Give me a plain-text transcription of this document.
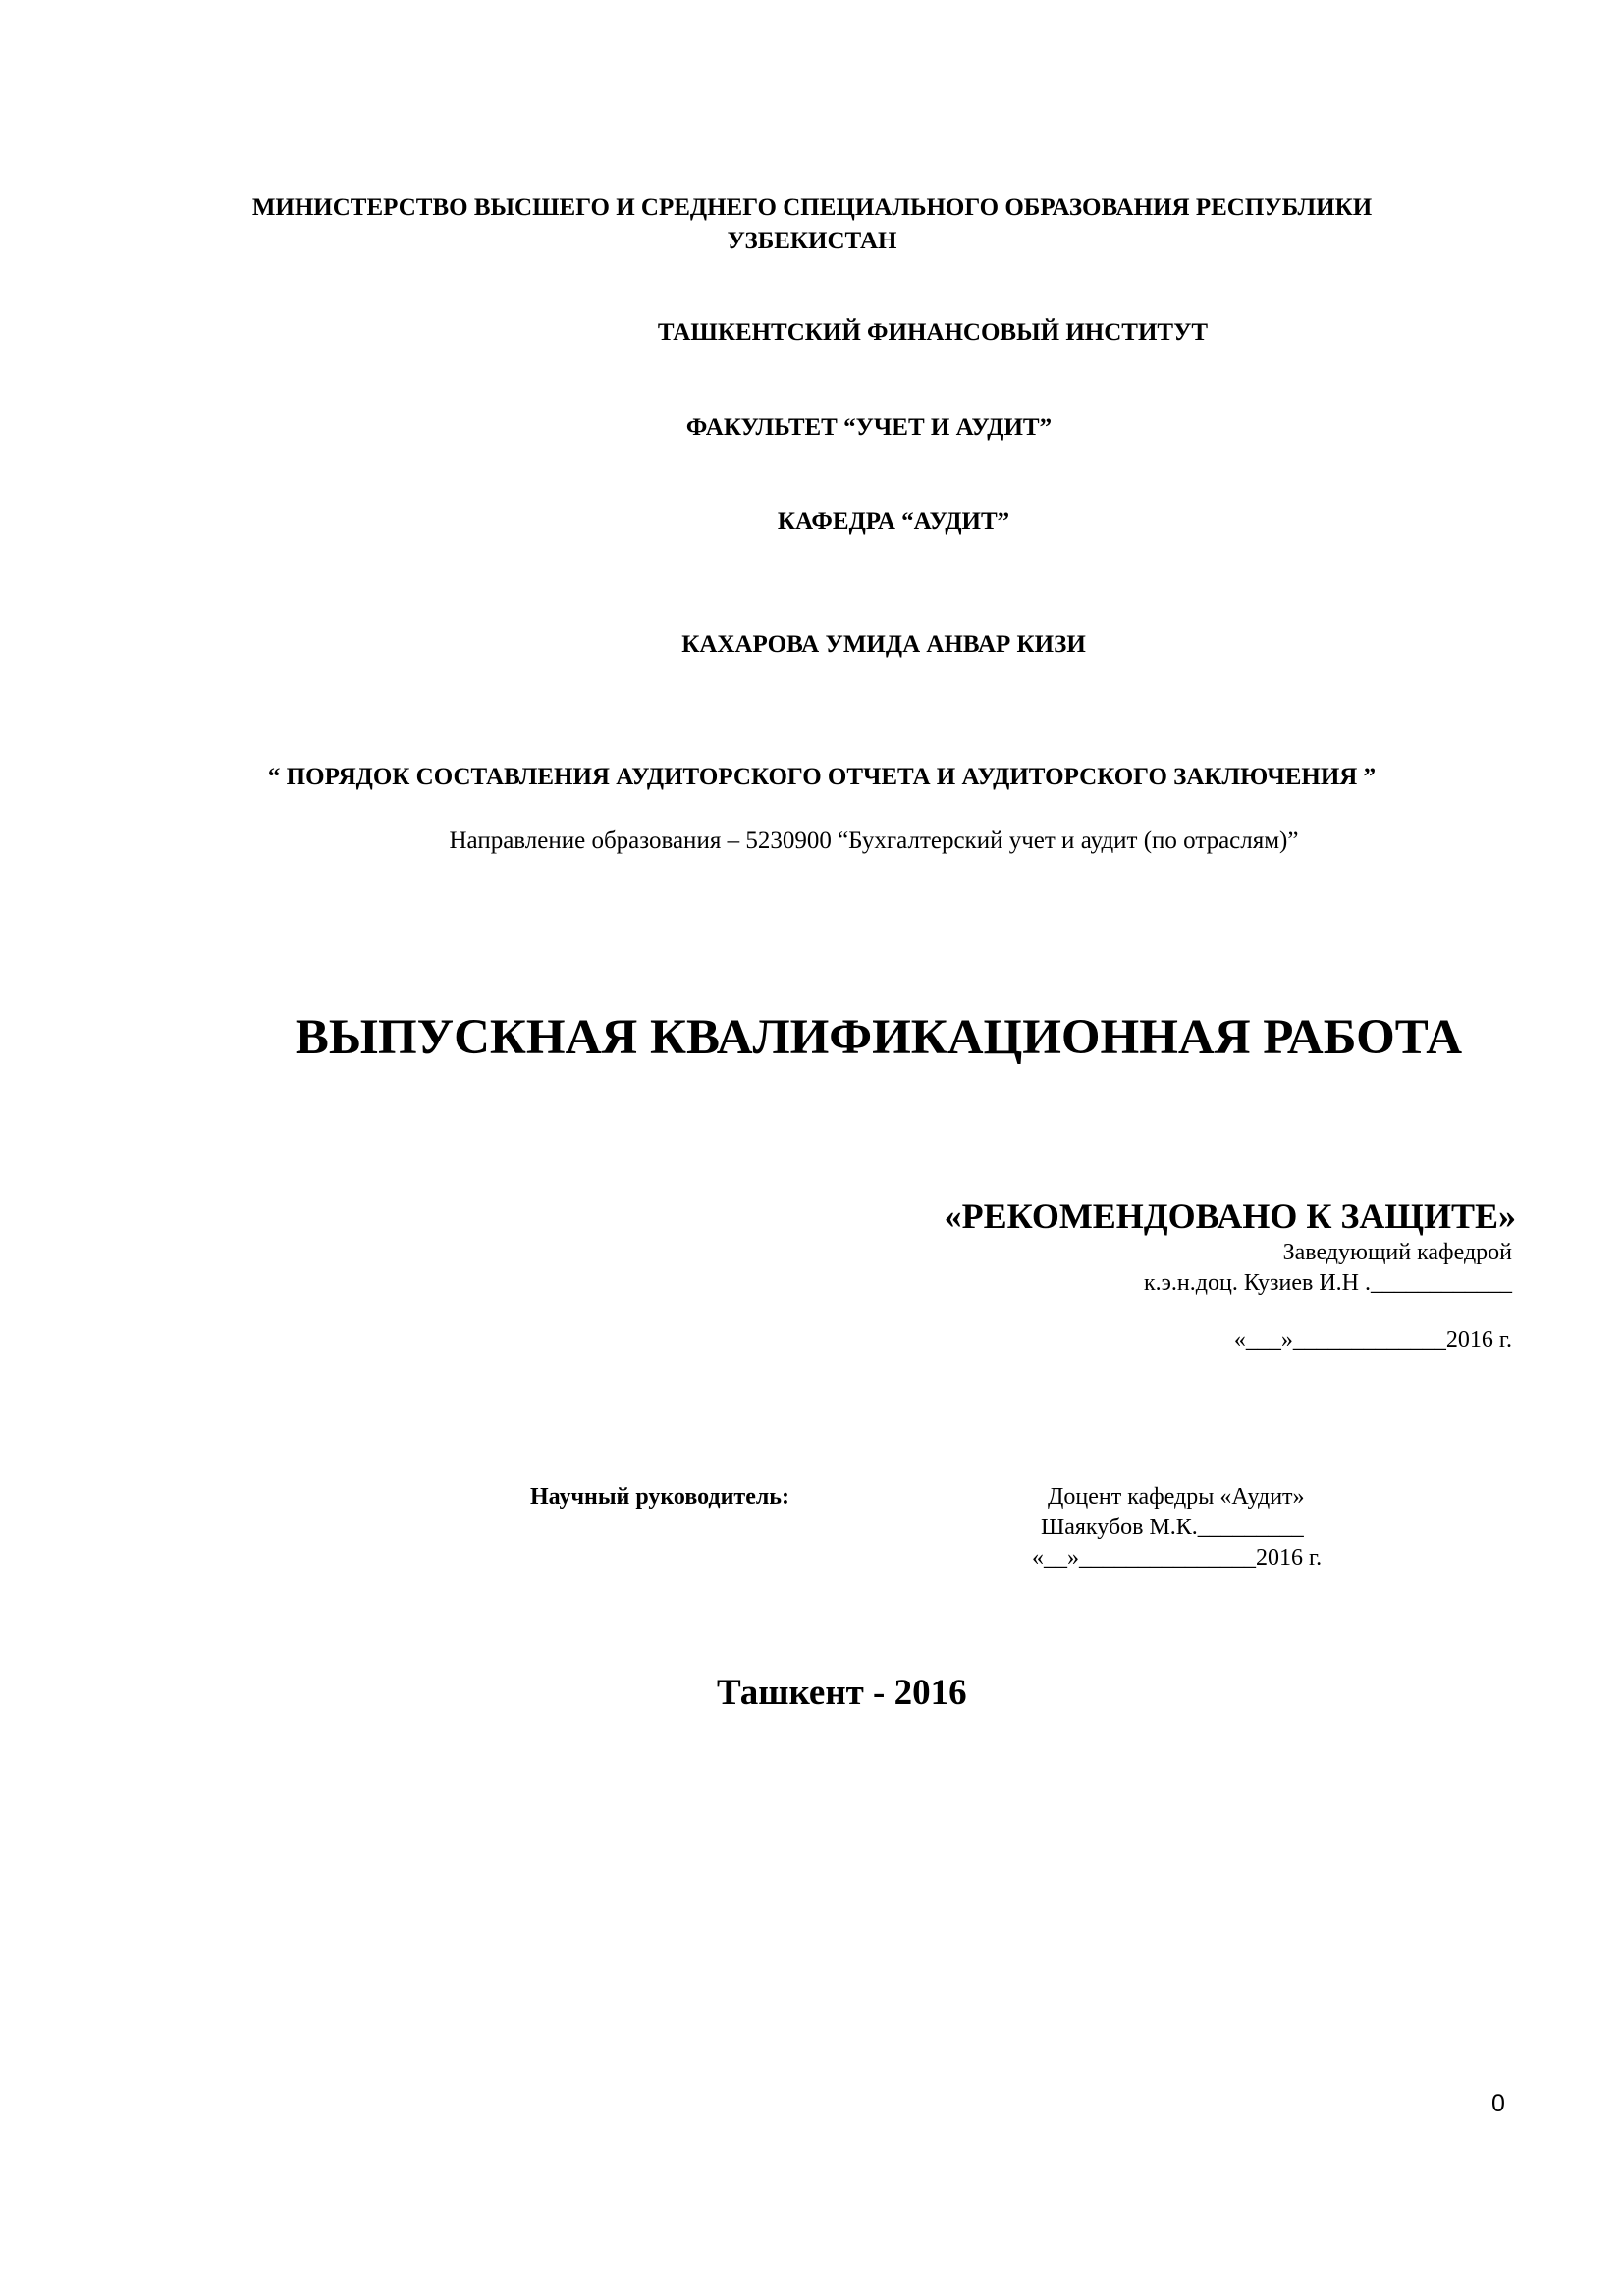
МИНИСТЕРСТВО ВЫСШЕГО И СРЕДНЕГО СПЕЦИАЛЬНОГО ОБРАЗОВАНИЯ РЕСПУБЛИКИ
УЗБЕКИСТАН
ТАШКЕНТСКИЙ ФИНАНСОВЫЙ ИНСТИТУТ
ФАКУЛЬТЕТ “УЧЕТ И АУДИТ”
КАФЕДРА “АУДИТ”
КАХАРОВА УМИДА АНВАР КИЗИ
“ ПОРЯДОК СОСТАВЛЕНИЯ АУДИТОРСКОГО ОТЧЕТА И АУДИТОРСКОГО ЗАКЛЮЧЕНИЯ ”
Направление образования – 5230900 “Бухгалтерский учет и аудит (по отраслям)”
ВЫПУСКНАЯ КВАЛИФИКАЦИОННАЯ РАБОТА
«РЕКОМЕНДОВАНО К ЗАЩИТЕ»
Заведующий кафедрой
к.э.н.доц. Кузиев И.Н .____________
«___»_____________2016 г.
Научный руководитель:	Доцент кафедры «Аудит»
Шаякубов М.К._________
«__»_______________2016 г.
Ташкент - 2016
0
